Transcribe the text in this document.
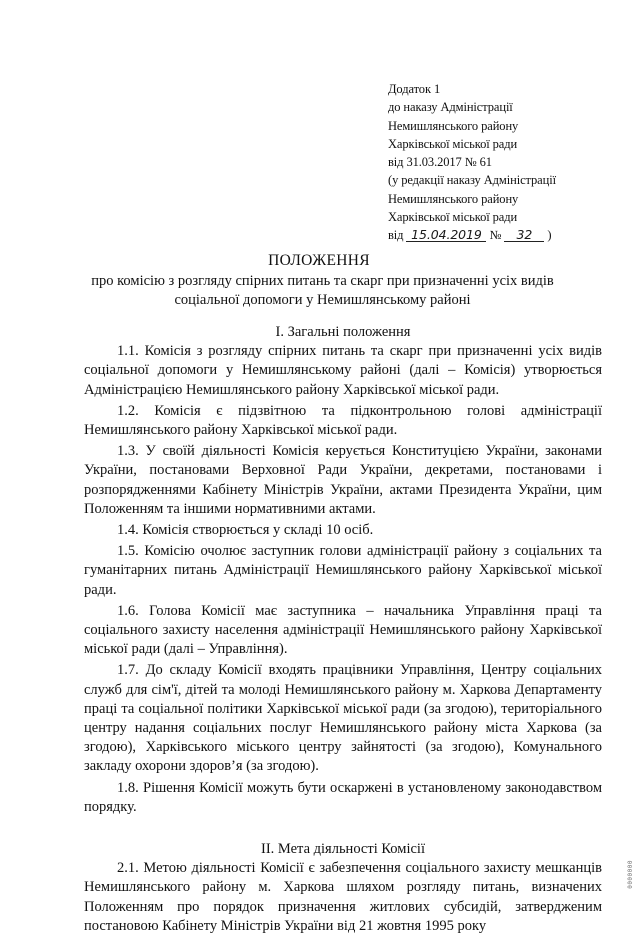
Додаток 1
до наказу Адміністрації
Немишлянського району
Харківської міської ради
від 31.03.2017 № 61
(у редакції наказу Адміністрації
Немишлянського району
Харківської міської ради
від 15.04.2019 № 32 )
ПОЛОЖЕННЯ
про комісію з розгляду спірних питань та скарг при призначенні усіх видів соціальної допомоги у Немишлянському районі
І. Загальні положення

1.1. Комісія з розгляду спірних питань та скарг при призначенні усіх видів соціальної допомоги у Немишлянському районі (далі – Комісія) утворюється Адміністрацією Немишлянського району Харківської міської ради.

1.2. Комісія є підзвітною та підконтрольною голові адміністрації Немишлянського району Харківської міської ради.

1.3. У своїй діяльності Комісія керується Конституцією України, законами України, постановами Верховної Ради України, декретами, постановами і розпорядженнями Кабінету Міністрів України, актами Президента України, цим Положенням та іншими нормативними актами.

1.4. Комісія створюється у складі 10 осіб.

1.5. Комісію очолює заступник голови адміністрації району з соціальних та гуманітарних питань Адміністрації Немишлянського району Харківської міської ради.

1.6. Голова Комісії має заступника – начальника Управління праці та соціального захисту населення адміністрації Немишлянського району Харківської міської ради (далі – Управління).

1.7. До складу Комісії входять працівники Управління, Центру соціальних служб для сім'ї, дітей та молоді Немишлянського району м. Харкова Департаменту праці та соціальної політики Харківської міської ради (за згодою), територіального центру надання соціальних послуг Немишлянського району міста Харкова (за згодою), Харківського міського центру зайнятості (за згодою), Комунального закладу охорони здоров’я (за згодою).

1.8. Рішення Комісії можуть бути оскаржені в установленому законодавством порядку.

ІІ. Мета діяльності Комісії

2.1. Метою діяльності Комісії є забезпечення соціального захисту мешканців Немишлянського району м. Харкова шляхом розгляду питань, визначених Положенням про порядок призначення житлових субсидій, затвердженим постановою Кабінету Міністрів України від 21 жовтня 1995 року

0000000
